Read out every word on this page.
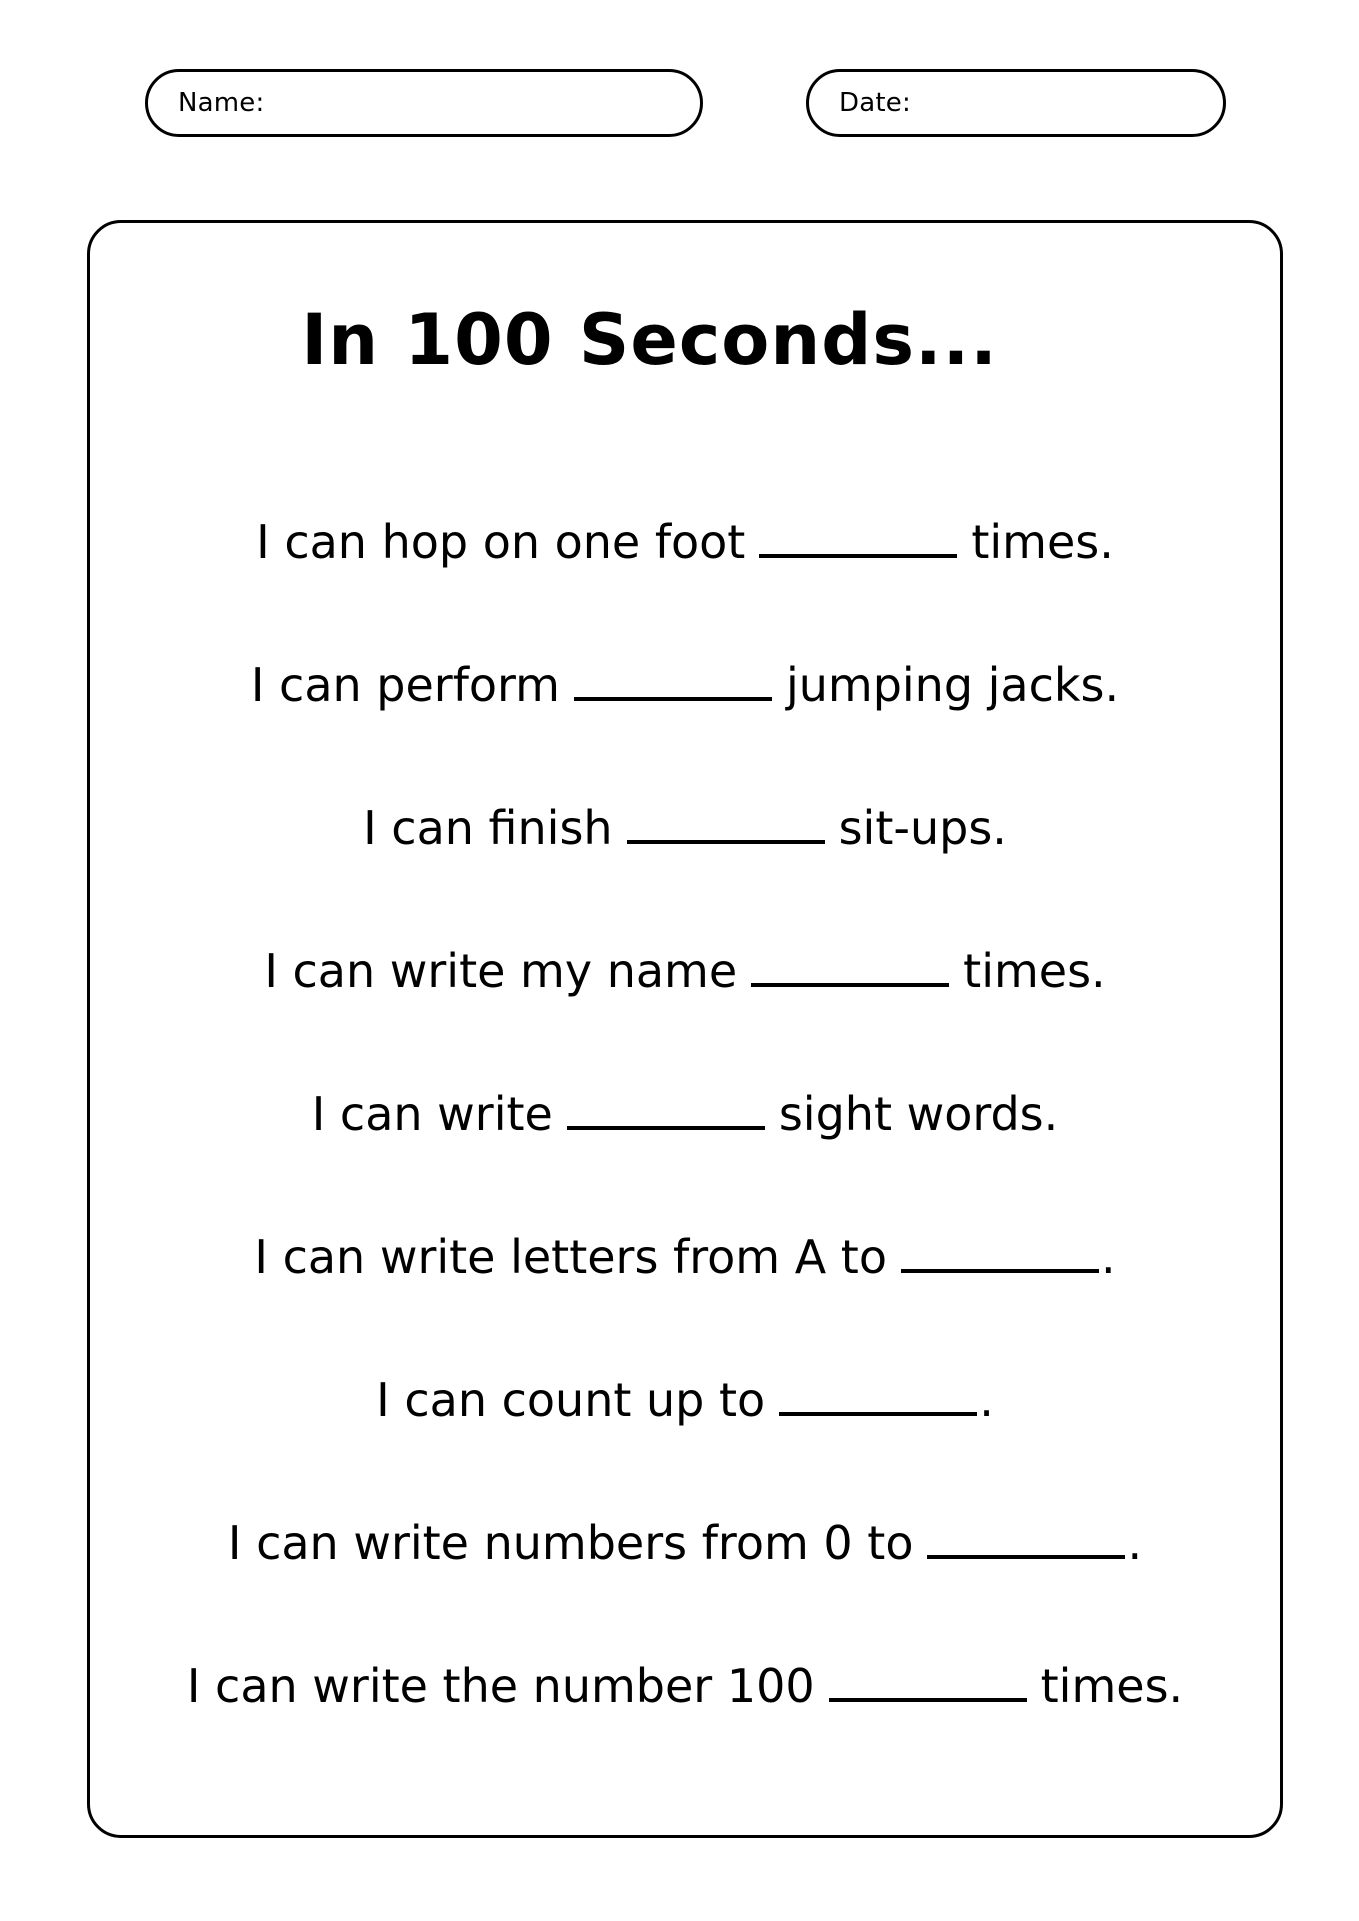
Name:	Date:
In 100 Seconds...
I can hop on one foot	times.
I can perform	jumping jacks.
I can finish	sit-ups.
I can write my name	times.
I can write	sight words.
I can write letters from A to	.
I can count up to	.
I can write numbers from 0 to	.
I can write the number 100	times.
